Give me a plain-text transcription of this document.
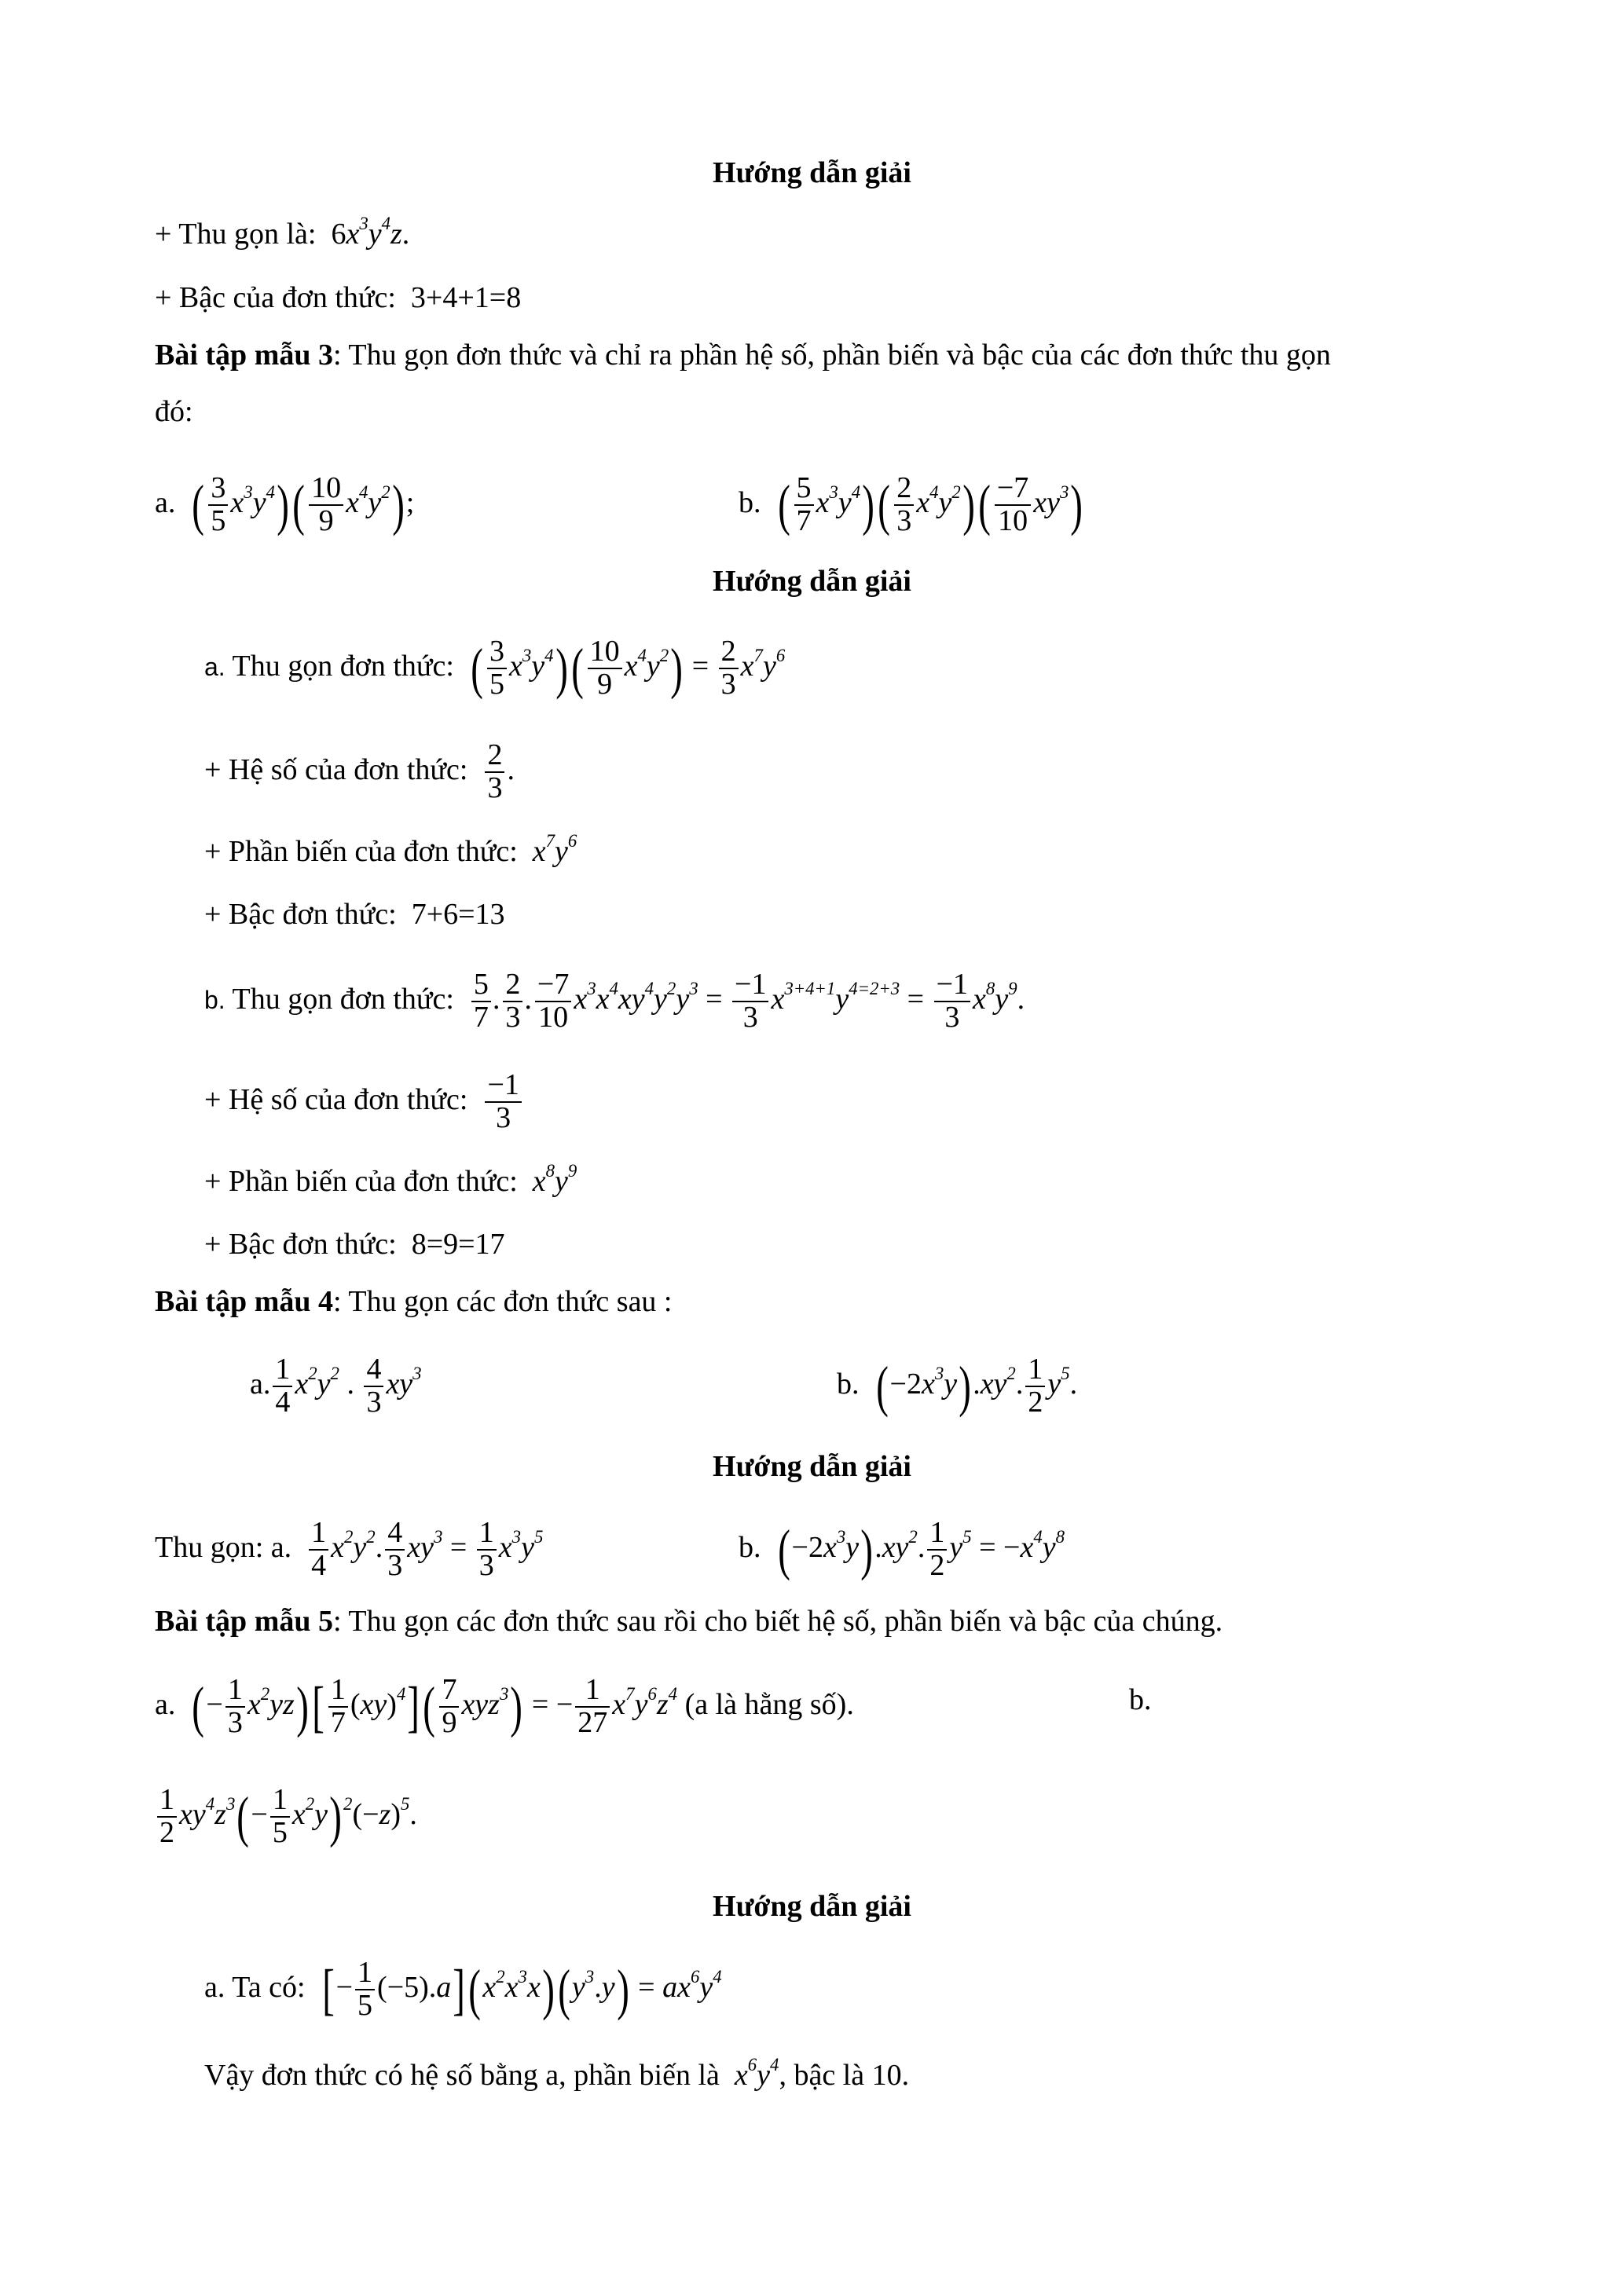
Hướng dẫn giải
+ Thu gọn là: $6x^3y^4z$.
+ Bậc của đơn thức:  3+4+1=8
Bài tập mẫu 3: Thu gọn đơn thức và chỉ ra phần hệ số, phần biến và bậc của các đơn thức thu gọn
đó:
a. ( $\frac{3}{5} x^3y^4)( \frac{10}{9} x^4y^2)$;	b. ( $\frac{5}{7} x^3y^4)( \frac{2}{3} x^4y^2)( \frac{-7}{10} xy^3)$
Hướng dẫn giải
a. Thu gọn đơn thức: ( $\frac{3}{5} x^3y^4)( \frac{10}{9} x^4y^2) = \frac{2}{3} x^7y^6$
+ Hệ số của đơn thức: $\frac{2}{3}$ .
+ Phần biến của đơn thức:  $x^7y^6$
+ Bậc đơn thức:  7+6=13
b. Thu gọn đơn thức: $\frac{5}{7}$ . $\frac{2}{3}$ . $\frac{-7}{10} x^3x^4xy^4y^2y^3 = \frac{-1}{3} x^{3+4+1}y^{4=2+3} = \frac{-1}{3} x^8y^9$.
+ Hệ số của đơn thức: $\frac{-1}{3}$
+ Phần biến của đơn thức:  $x^8y^9$
+ Bậc đơn thức:  8=9=17
Bài tập mẫu 4: Thu gọn các đơn thức sau :
a. $\frac{1}{4} x^2y^2$ . $\frac{4}{3} xy^3$	b. $(-2x^3y).xy^2$. $\frac{1}{2} y^5$.
Hướng dẫn giải
Thu gọn: a. $\frac{1}{4} x^2y^2$. $\frac{4}{3} xy^3 = \frac{1}{3} x^3y^5$	b. $(-2x^3y).xy^2$. $\frac{1}{2} y^5 = -x^4y^8$
Bài tập mẫu 5: Thu gọn các đơn thức sau rồi cho biết hệ số, phần biến và bậc của chúng.
a. (− $\frac{1}{3} x^2yz)[ \frac{1}{7} (xy)^4]( \frac{7}{9} xyz^3)$ = − $\frac{1}{27} x^7y^6z^4$ (a là hằng số).	b.
$\frac{1}{2} xy^4z^3(- \frac{1}{5} x^2y)^2(-z)^5$.
Hướng dẫn giải
a. Ta có: [− $\frac{1}{5} (-5).a](x^2x^3x)(y^3.y) = ax^6y^4$
Vậy đơn thức có hệ số bằng a, phần biến là  $x^6y^4$, bậc là 10.
